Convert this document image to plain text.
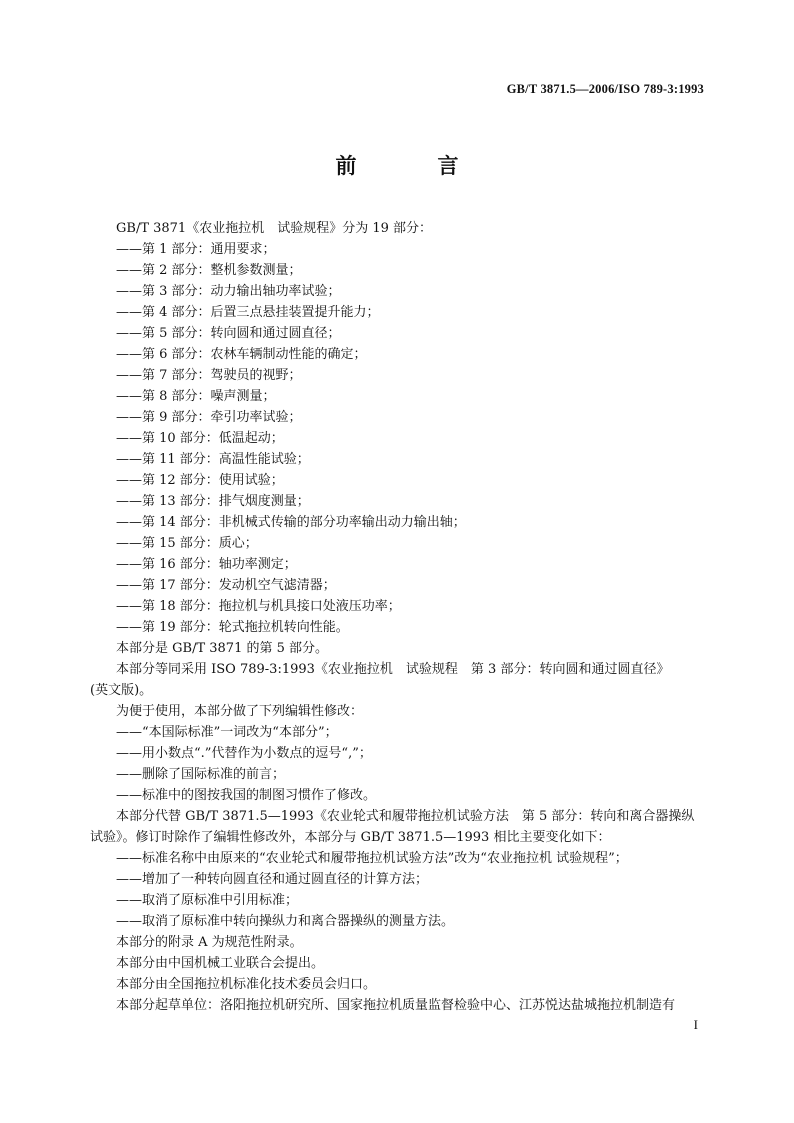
GB/T 3871.5—2006/ISO 789-3:1993
前　言
GB/T 3871《农业拖拉机　试验规程》分为 19 部分：
——第 1 部分：通用要求；
——第 2 部分：整机参数测量；
——第 3 部分：动力输出轴功率试验；
——第 4 部分：后置三点悬挂装置提升能力；
——第 5 部分：转向圆和通过圆直径；
——第 6 部分：农林车辆制动性能的确定；
——第 7 部分：驾驶员的视野；
——第 8 部分：噪声测量；
——第 9 部分：牵引功率试验；
——第 10 部分：低温起动；
——第 11 部分：高温性能试验；
——第 12 部分：使用试验；
——第 13 部分：排气烟度测量；
——第 14 部分：非机械式传输的部分功率输出动力输出轴；
——第 15 部分：质心；
——第 16 部分：轴功率测定；
——第 17 部分：发动机空气滤清器；
——第 18 部分：拖拉机与机具接口处液压功率；
——第 19 部分：轮式拖拉机转向性能。
本部分是 GB/T 3871 的第 5 部分。
本部分等同采用 ISO 789-3:1993《农业拖拉机　试验规程　第 3 部分：转向圆和通过圆直径》
(英文版)。
为便于使用，本部分做了下列编辑性修改：
——“本国际标准”一词改为“本部分”；
——用小数点“.”代替作为小数点的逗号“,”；
——删除了国际标准的前言；
——标准中的图按我国的制图习惯作了修改。
本部分代替 GB/T 3871.5—1993《农业轮式和履带拖拉机试验方法　第 5 部分：转向和离合器操纵
试验》。修订时除作了编辑性修改外，本部分与 GB/T 3871.5—1993 相比主要变化如下：
——标准名称中由原来的“农业轮式和履带拖拉机试验方法”改为“农业拖拉机 试验规程”；
——增加了一种转向圆直径和通过圆直径的计算方法；
——取消了原标准中引用标准；
——取消了原标准中转向操纵力和离合器操纵的测量方法。
本部分的附录 A 为规范性附录。
本部分由中国机械工业联合会提出。
本部分由全国拖拉机标准化技术委员会归口。
本部分起草单位：洛阳拖拉机研究所、国家拖拉机质量监督检验中心、江苏悦达盐城拖拉机制造有
I
